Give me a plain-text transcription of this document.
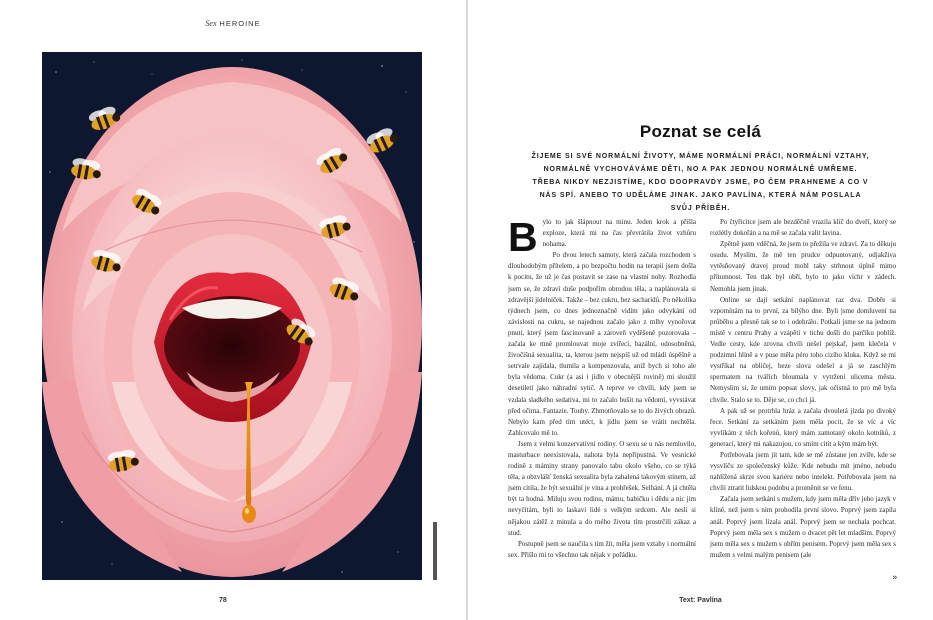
Sex HEROINE
78
Poznat se celá
ŽIJEME SI SVÉ NORMÁLNÍ ŽIVOTY, MÁME NORMÁLNÍ PRÁCI, NORMÁLNÍ VZTAHY, NORMÁLNĚ VYCHOVÁVÁME DĚTI, NO A PAK JEDNOU NORMÁLNĚ UMŘEME. TŘEBA NIKDY NEZJISTÍME, KDO DOOPRAVDY JSME, PO ČEM PRAHNEME A CO V NÁS SPÍ. ANEBO TO UDĚLÁME JINAK. JAKO PAVLÍNA, KTERÁ NÁM POSLALA SVŮJ PŘÍBĚH.
B ylo to jak šlápnout na minu. Jeden krok a přišla exploze, která mi na čas převrátila život vzhůru nohama.

Po dvou letech samoty, která začala rozchodem s dlouhodobým přítelem, a po bezpočtu hodin na terapii jsem došla k pocitu, že už je čas postavit se zase na vlastní nohy. Rozhodla jsem se, že zdraví duše podpořím obrodou těla, a naplánovala si zdravější jídelníček. Takže – bez cukru, bez sacharidů. Po několika týdnech jsem, co dnes jednoznačně vidím jako odvykání od závislosti na cukru, se najednou začalo jako z mlhy vynořovat pnutí, který jsem fascinovaně a zároveň vyděšeně pozorovala – začala ke mně promlouvat moje zvířecí, bazální, odosobněná, živočišná sexualita, ta, kterou jsem nejspíš už od mládí úspěšně a setrvale zajídala, tlumila a kompenzovala, aniž bych si toho ale byla vědoma. Cukr (a asi i jídlo v obecnější rovině) mi sloužil desetiletí jako náhradní sytič. A teprve ve chvíli, kdy jsem se vzdala sladkého sedativa, mi to začalo bušit na vědomí, vyvstávat před očima. Fantazie. Touhy. Zhmotňovalo se to do živých obrazů. Nebylo kam před tím utéct, k jídlu jsem se vrátit nechtěla. Zahlcovalo mě to.

Jsem z velmi konzervativní rodiny. O sexu se u nás nemluvilo, masturbace neexistovala, nahota byla nepřípustná. Ve vesnické rodině z máminy strany panovalo tabu okolo všeho, co se týká těla, a obzvlášť ženská sexualita byla zahalená takovým stínem, až jsem cítila, že být sexuální je vina a prohřešek. Selhání. A já chtěla být ta hodná. Miluju svou rodinu, mámu, babičku i dědu a nic jim nevyčítám, byli to laskaví lidé s velkým srdcem. Ale nesli si nějakou zátěž z minula a do mého života tím prostrčili zákaz a stud.

Postupně jsem se naučila s tím žít, měla jsem vztahy i normální sex. Přišlo mi to všechno tak nějak v pořádku.

Po čtyřicítce jsem ale bezděčně vrazila klíč do dveří, který se rozlétly dokořán a na mě se začala valit lavina.

Zpětně jsem vděčná, že jsem to přežila ve zdraví. Za to děkuju osudu. Myslím, že mě ten prudce odpuntovaný, odjakživa vytěsňovaný dravej proud mohl taky strhnout úplně mimo přítomnost. Ten tlak byl obří, bylo to jako vichr v zádech. Nemohla jsem jinak.

Online se dají setkání naplánovat raz dva. Dobře si vzpomínám na to první, za bílýho dne. Byli jsme domluvení na průběhu a přesně tak se to i odehrálo. Potkali jsme se na jednom místě v centru Prahy a vzápětí v tichu došli do parčíku poblíž. Vedle cesty, kde zrovna chvíli nešel pejskař, jsem klečela v podzimní hlíně a v puse měla péro toho cizího kluka. Když se mi vystříkal na obličej, beze slova odešel a já se zaschlým spermatem na tvářích bloumala v vytržení ulicema města. Nemyslím si, že umím popsat slovy, jak očistná to pro mě byla chvíle. Stalo se to. Děje se, co chci já.

A pak už se protrhla hráz a začala dvouletá jízda po divoký řece. Setkání za setkáním jsem měla pocit, že se víc a víc vyvlíkám z těch kořenů, který mám zamotaný okolo kotníků, z generací, který mi nakazujou, co smím cítit a kým mám být.

Potřebovala jsem jít tam, kde se mě zůstane jen zvíře, kde se vysvlíču ze společenský kůže. Kde nebudu mít jméno, nebudu nahlížená skrze svou kariéru nebo intelekt. Potřebovala jsem na chvíli ztratit lidskou podobu a proměnit se ve fenu.

Začala jsem setkání s mužem, kdy jsem měla dřív jeho jazyk v klíně, než jsem s ním prohodila první slovo. Poprvý jsem zapila anál. Poprvý jsem lízala anál. Poprvý jsem se nechala pochcat. Poprvý jsem měla sex s mužem o dvacet pět let mladším. Poprvý jsem měla sex s mužem s obřím penisem. Poprvý jsem měla sex s mužem s velmi malým penisem (ale

»
Text: Pavlína
